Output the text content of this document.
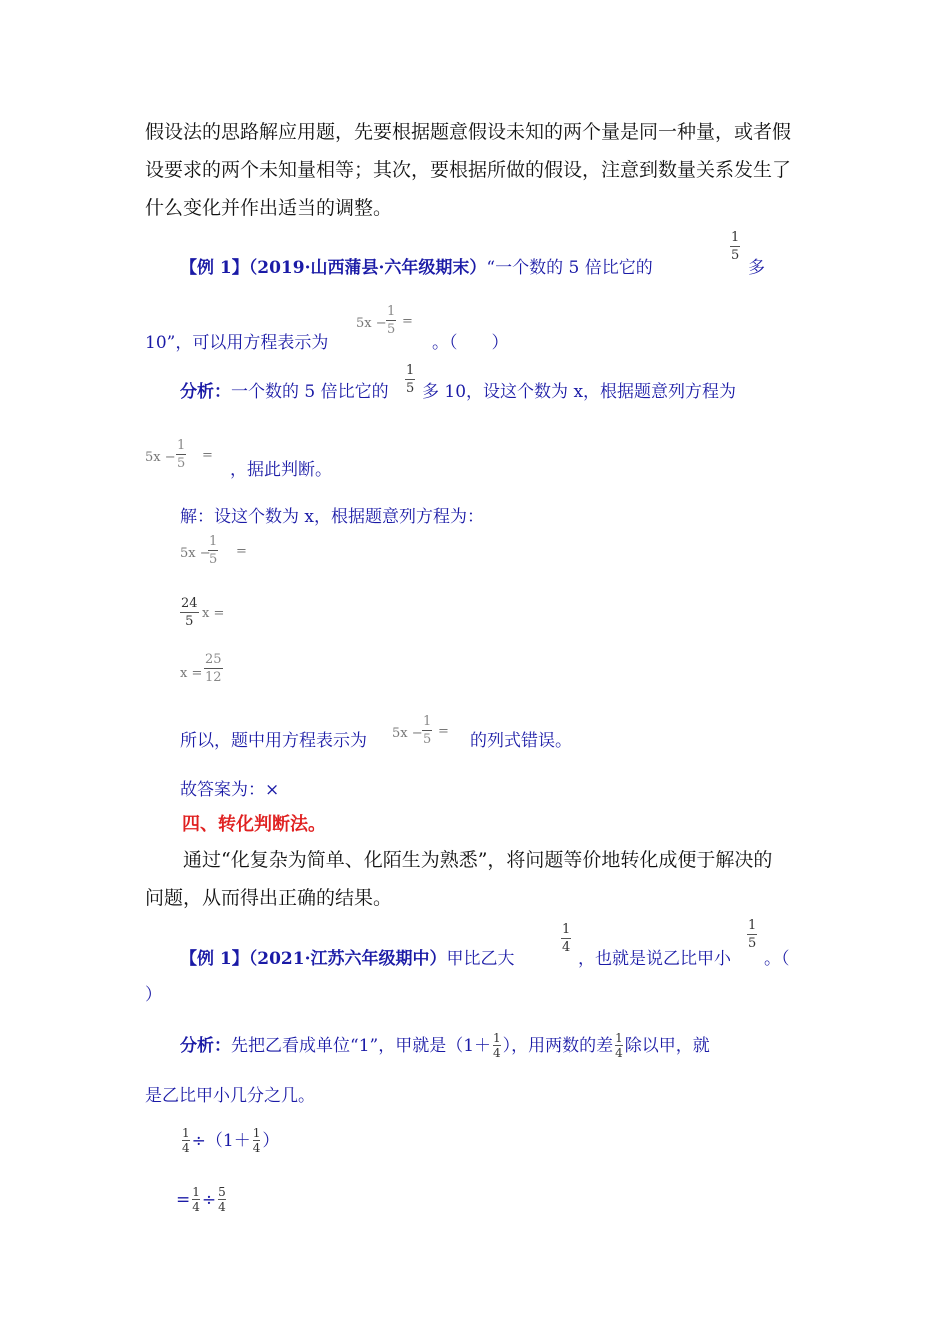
假设法的思路解应用题，先要根据题意假设未知的两个量是同一种量，或者假
设要求的两个未知量相等；其次，要根据所做的假设，注意到数量关系发生了
什么变化并作出适当的调整。
【例 1】（2019·山西蒲县·六年级期末）“一个数的 5 倍比它的
1
5
多
10”，可以用方程表示为
5x −
1
5
=
。（　　）
分析：一个数的 5 倍比它的
1
5 多 10，设这个数为 x，根据题意列方程为
5x −
1
5
=
，据此判断。
解：设这个数为 x，根据题意列方程为：
5x −
1
5
=
24
5
x =
x =
25
12
所以，题中用方程表示为 5x −
1
5
= 的列式错误。
故答案为：×
四、转化判断法。
通过“化复杂为简单、化陌生为熟悉”，将问题等价地转化成便于解决的
问题，从而得出正确的结果。
【例 1】（2021·江苏六年级期中）甲比乙大
1
4
，也就是说乙比甲小
1
5
。（
）
分析：先把乙看成单位“1”，甲就是（$1+ \frac{1}{4}$ ），用两数的差 $\frac{1}{4}$ 除以甲，就
是乙比甲小几分之几。
$\frac{1}{4} \div(1+ \frac{1}{4}$ ）
= $\frac{1}{4} \div \frac{5}{4}$
